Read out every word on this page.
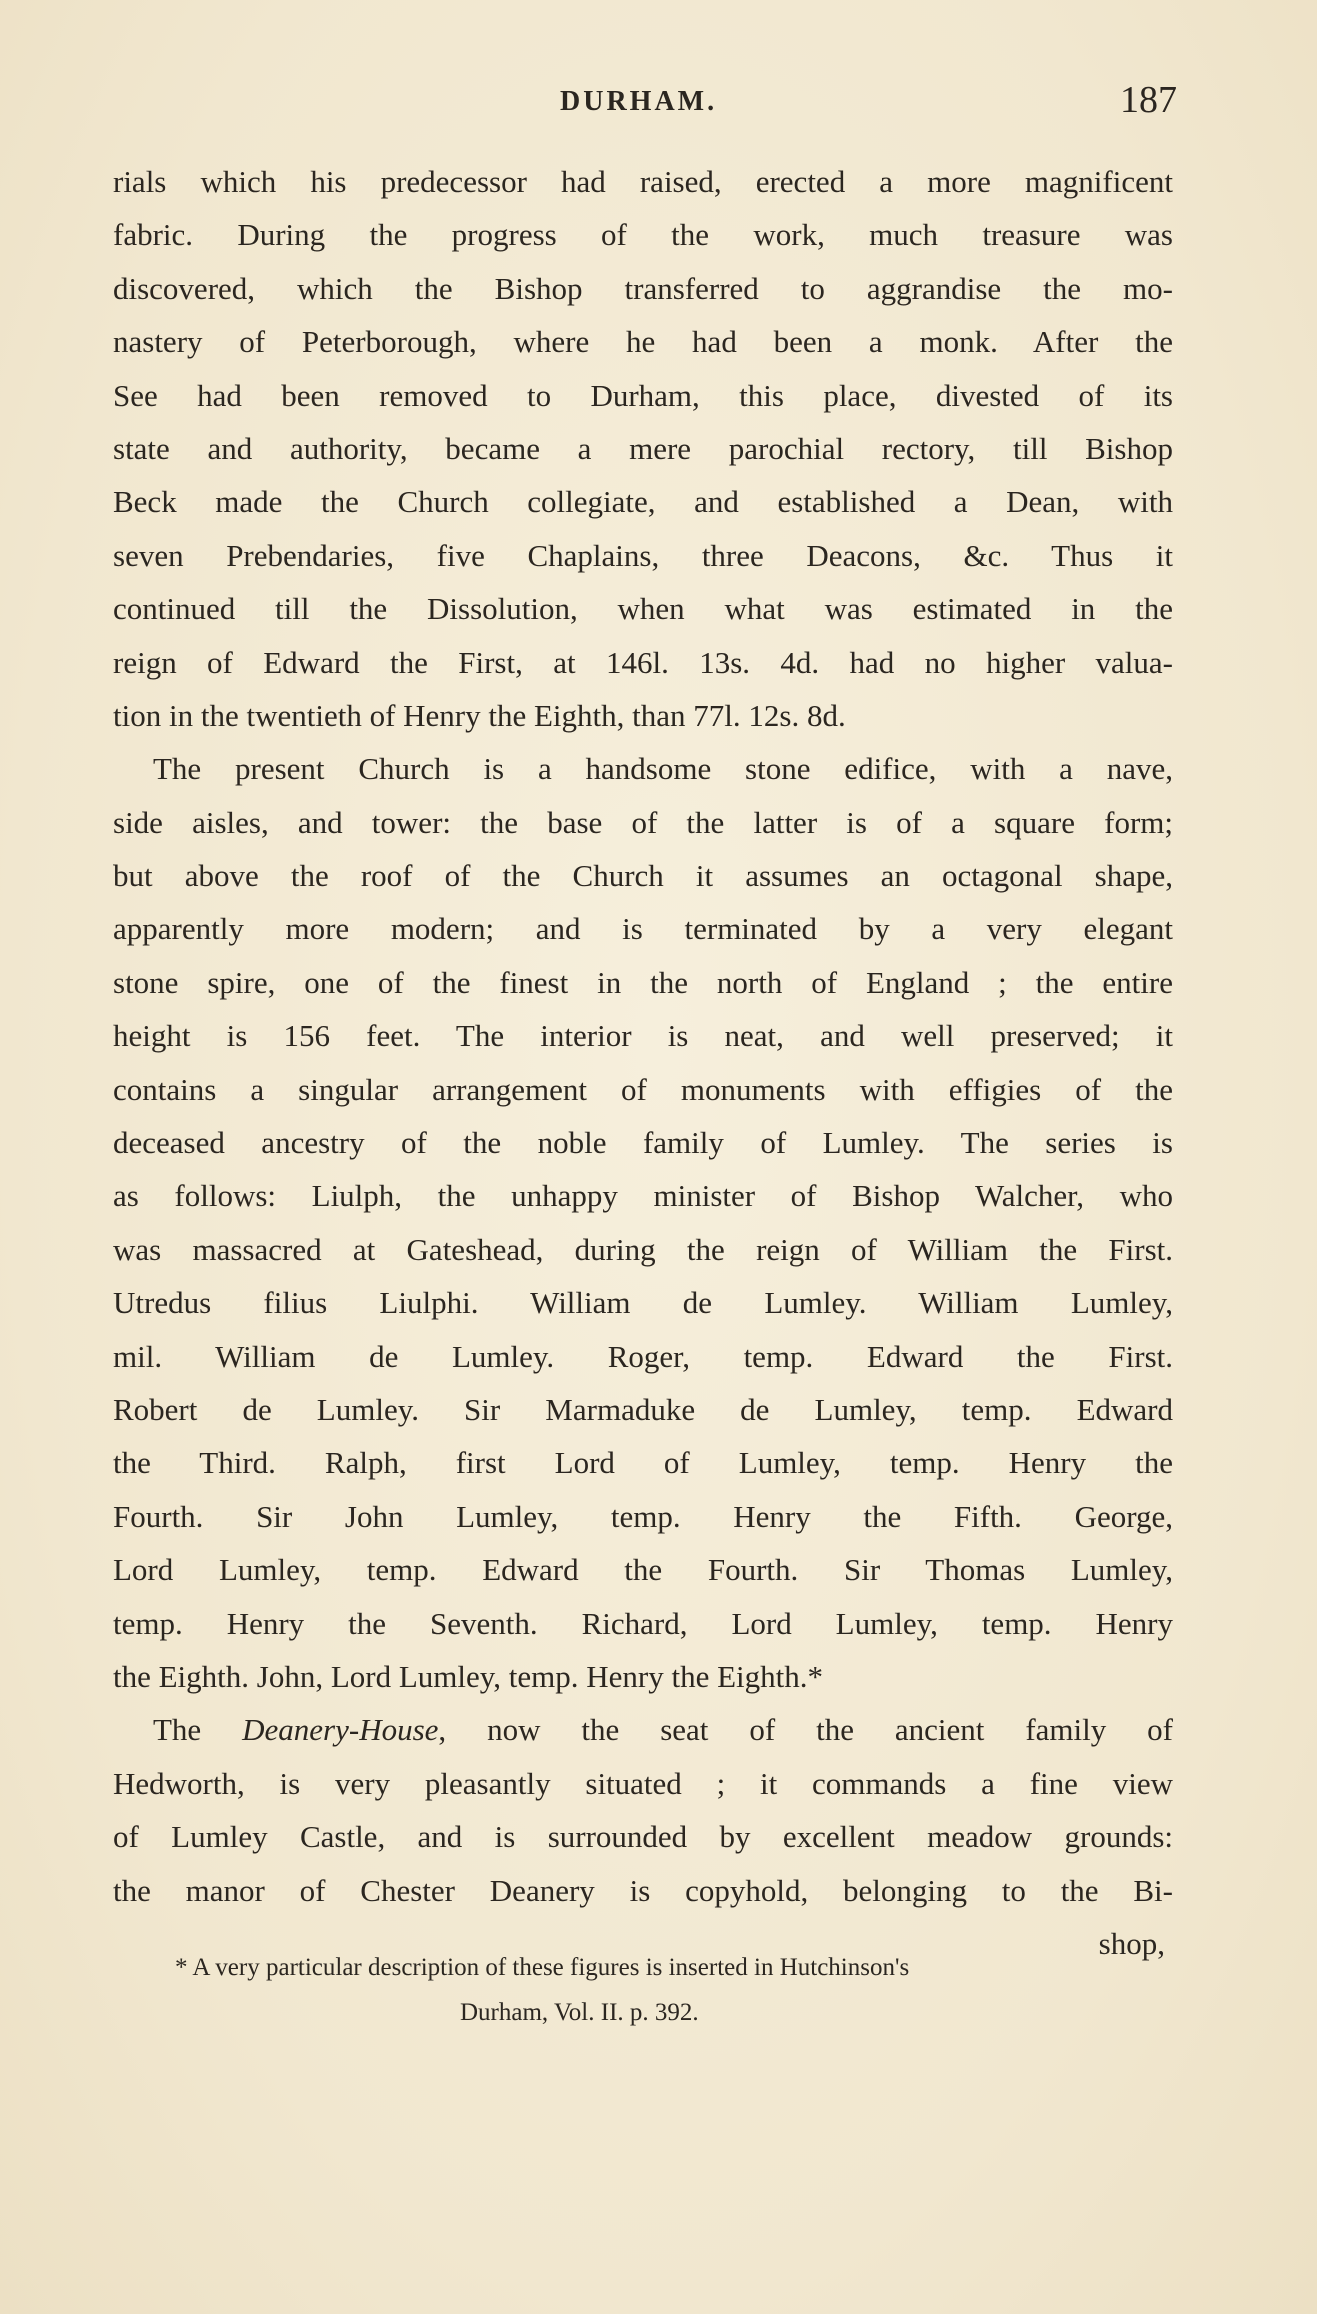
DURHAM.	187
rials which his predecessor had raised, erected a more magnificent
fabric. During the progress of the work, much treasure was
discovered, which the Bishop transferred to aggrandise the mo-
nastery of Peterborough, where he had been a monk. After the
See had been removed to Durham, this place, divested of its
state and authority, became a mere parochial rectory, till Bishop
Beck made the Church collegiate, and established a Dean, with
seven Prebendaries, five Chaplains, three Deacons, &c. Thus it
continued till the Dissolution, when what was estimated in the
reign of Edward the First, at 146l. 13s. 4d. had no higher valua-
tion in the twentieth of Henry the Eighth, than 77l. 12s. 8d.
The present Church is a handsome stone edifice, with a nave,
side aisles, and tower: the base of the latter is of a square form;
but above the roof of the Church it assumes an octagonal shape,
apparently more modern; and is terminated by a very elegant
stone spire, one of the finest in the north of England ; the entire
height is 156 feet. The interior is neat, and well preserved; it
contains a singular arrangement of monuments with effigies of the
deceased ancestry of the noble family of Lumley. The series is
as follows: Liulph, the unhappy minister of Bishop Walcher, who
was massacred at Gateshead, during the reign of William the First.
Utredus filius Liulphi. William de Lumley. William Lumley,
mil. William de Lumley. Roger, temp. Edward the First.
Robert de Lumley. Sir Marmaduke de Lumley, temp. Edward
the Third. Ralph, first Lord of Lumley, temp. Henry the
Fourth. Sir John Lumley, temp. Henry the Fifth. George,
Lord Lumley, temp. Edward the Fourth. Sir Thomas Lumley,
temp. Henry the Seventh. Richard, Lord Lumley, temp. Henry
the Eighth. John, Lord Lumley, temp. Henry the Eighth.*
The Deanery-House, now the seat of the ancient family of
Hedworth, is very pleasantly situated ; it commands a fine view
of Lumley Castle, and is surrounded by excellent meadow grounds:
the manor of Chester Deanery is copyhold, belonging to the Bi-
shop,
* A very particular description of these figures is inserted in Hutchinson's
Durham, Vol. II. p. 392.
